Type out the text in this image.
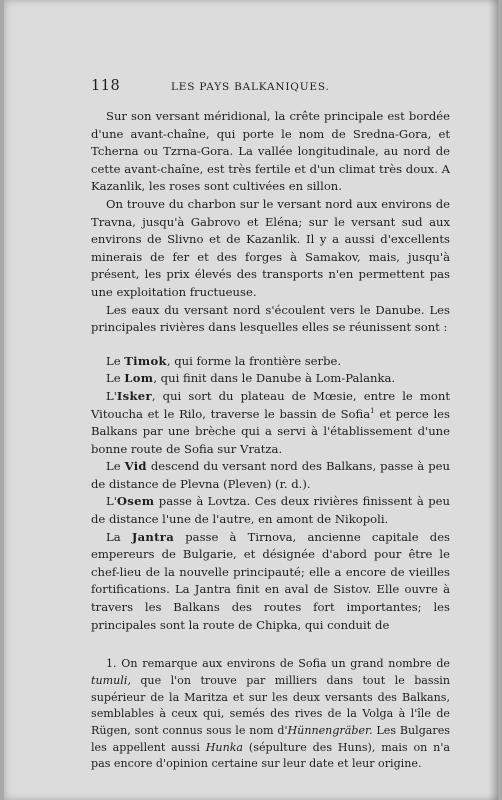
118	LES PAYS BALKANIQUES.

Sur son versant méridional, la crête principale est bordée d'une avant-chaîne, qui porte le nom de Sredna-Gora, et Tcherna ou Tzrna-Gora. La vallée longitudinale, au nord de cette avant-chaîne, est très fertile et d'un climat très doux. A Kazanlik, les roses sont cultivées en sillon.

On trouve du charbon sur le versant nord aux environs de Travna, jusqu'à Gabrovo et Eléna; sur le versant sud aux environs de Slivno et de Kazanlik. Il y a aussi d'excellents minerais de fer et des forges à Samakov, mais, jusqu'à présent, les prix élevés des transports n'en permettent pas une exploitation fructueuse.

Les eaux du versant nord s'écoulent vers le Danube. Les principales rivières dans lesquelles elles se réunissent sont :

Le Timok, qui forme la frontière serbe.

Le Lom, qui finit dans le Danube à Lom-Palanka.

L'Isker, qui sort du plateau de Mœsie, entre le mont Vitoucha et le Rilo, traverse le bassin de Sofia$^1$ et perce les Balkans par une brèche qui a servi à l'établissement d'une bonne route de Sofia sur Vratza.

Le Vid descend du versant nord des Balkans, passe à peu de distance de Plevna (Pleven) (r. d.).

L'Osem passe à Lovtza. Ces deux rivières finissent à peu de distance l'une de l'autre, en amont de Nikopoli.

La Jantra passe à Tirnova, ancienne capitale des empereurs de Bulgarie, et désignée d'abord pour être le chef-lieu de la nouvelle principauté; elle a encore de vieilles fortifications. La Jantra finit en aval de Sistov. Elle ouvre à travers les Balkans des routes fort importantes; les principales sont la route de Chipka, qui conduit de

1. On remarque aux environs de Sofia un grand nombre de tumuli, que l'on trouve par milliers dans tout le bassin supérieur de la Maritza et sur les deux versants des Balkans, semblables à ceux qui, semés des rives de la Volga à l'île de Rügen, sont connus sous le nom d'Hünnengräber. Les Bulgares les appellent aussi Hunka (sépulture des Huns), mais on n'a pas encore d'opinion certaine sur leur date et leur origine.
